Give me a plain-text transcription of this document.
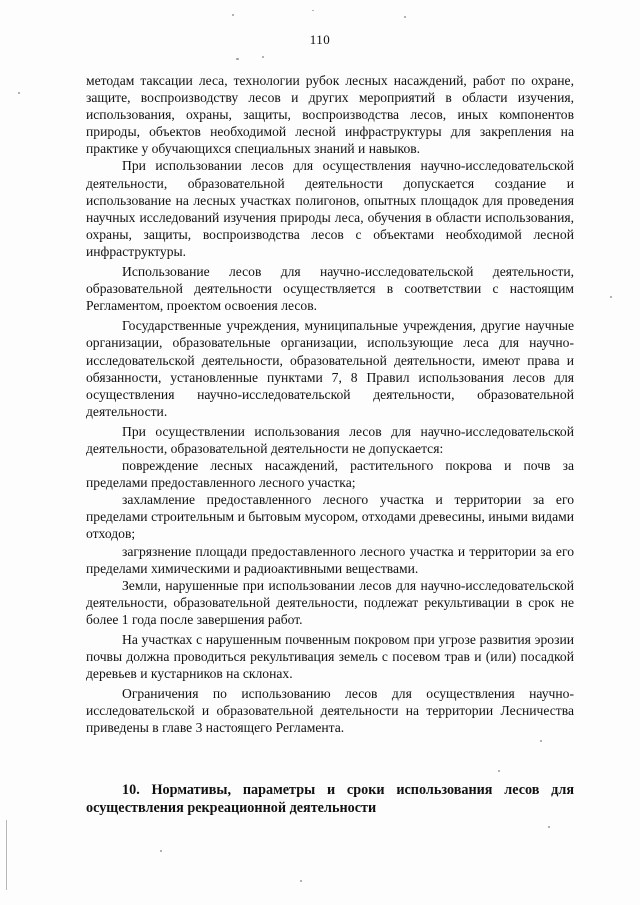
110

методам таксации леса, технологии рубок лесных насаждений, работ по охране, защите, воспроизводству лесов и других мероприятий в области изучения, использования, охраны, защиты, воспроизводства лесов, иных компонентов природы, объектов необходимой лесной инфраструктуры для закрепления на практике у обучающихся специальных знаний и навыков.

При использовании лесов для осуществления научно-исследовательской деятельности, образовательной деятельности допускается создание и использование на лесных участках полигонов, опытных площадок для проведения научных исследований изучения природы леса, обучения в области использования, охраны, защиты, воспроизводства лесов с объектами необходимой лесной инфраструктуры.

Использование лесов для научно-исследовательской деятельности, образовательной деятельности осуществляется в соответствии с настоящим Регламентом, проектом освоения лесов.

Государственные учреждения, муниципальные учреждения, другие научные организации, образовательные организации, использующие леса для научно-исследовательской деятельности, образовательной деятельности, имеют права и обязанности, установленные пунктами 7, 8 Правил использования лесов для осуществления научно-исследовательской деятельности, образовательной деятельности.

При осуществлении использования лесов для научно-исследовательской деятельности, образовательной деятельности не допускается:

повреждение лесных насаждений, растительного покрова и почв за пределами предоставленного лесного участка;

захламление предоставленного лесного участка и территории за его пределами строительным и бытовым мусором, отходами древесины, иными видами отходов;

загрязнение площади предоставленного лесного участка и территории за его пределами химическими и радиоактивными веществами.

Земли, нарушенные при использовании лесов для научно-исследовательской деятельности, образовательной деятельности, подлежат рекультивации в срок не более 1 года после завершения работ.

На участках с нарушенным почвенным покровом при угрозе развития эрозии почвы должна проводиться рекультивация земель с посевом трав и (или) посадкой деревьев и кустарников на склонах.

Ограничения по использованию лесов для осуществления научно-исследовательской и образовательной деятельности на территории Лесничества приведены в главе 3 настоящего Регламента.

10. Нормативы, параметры и сроки использования лесов для осуществления рекреационной деятельности
